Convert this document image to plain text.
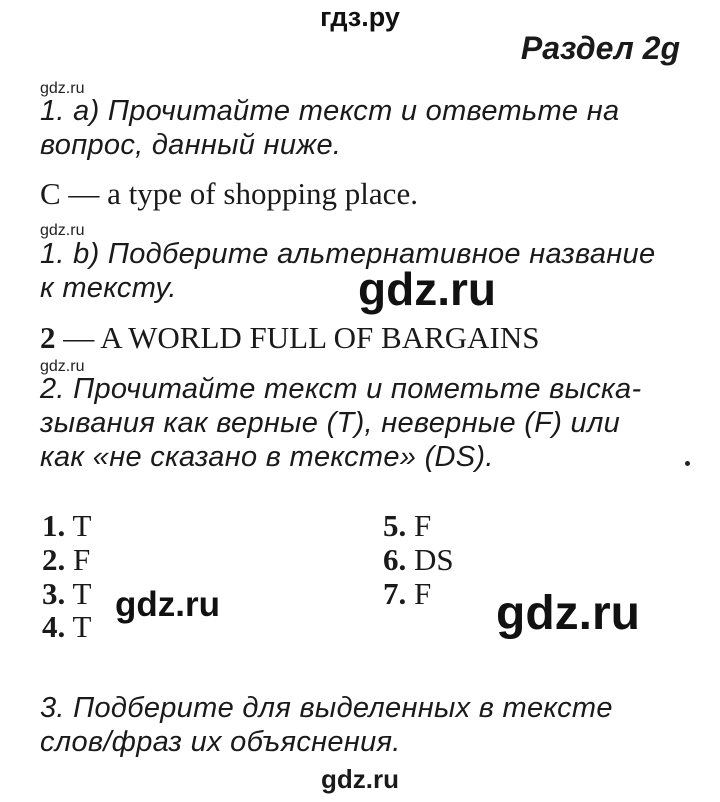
гдз.ру
Раздел 2g
gdz.ru
1. a) Прочитайте текст и ответьте на
вопрос, данный ниже.
C — a type of shopping place.
gdz.ru
1. b) Подберите альтернативное название
к тексту.	gdz.ru
2 — A WORLD FULL OF BARGAINS
gdz.ru
2. Прочитайте текст и пометьте выска-
зывания как верные (T), неверные (F) или
как «не сказано в тексте» (DS).
1. T
2. F
3. T
4. T
5. F
6. DS
7. F
gdz.ru	gdz.ru
3. Подберите для выделенных в тексте
слов/фраз их объяснения.
gdz.ru
